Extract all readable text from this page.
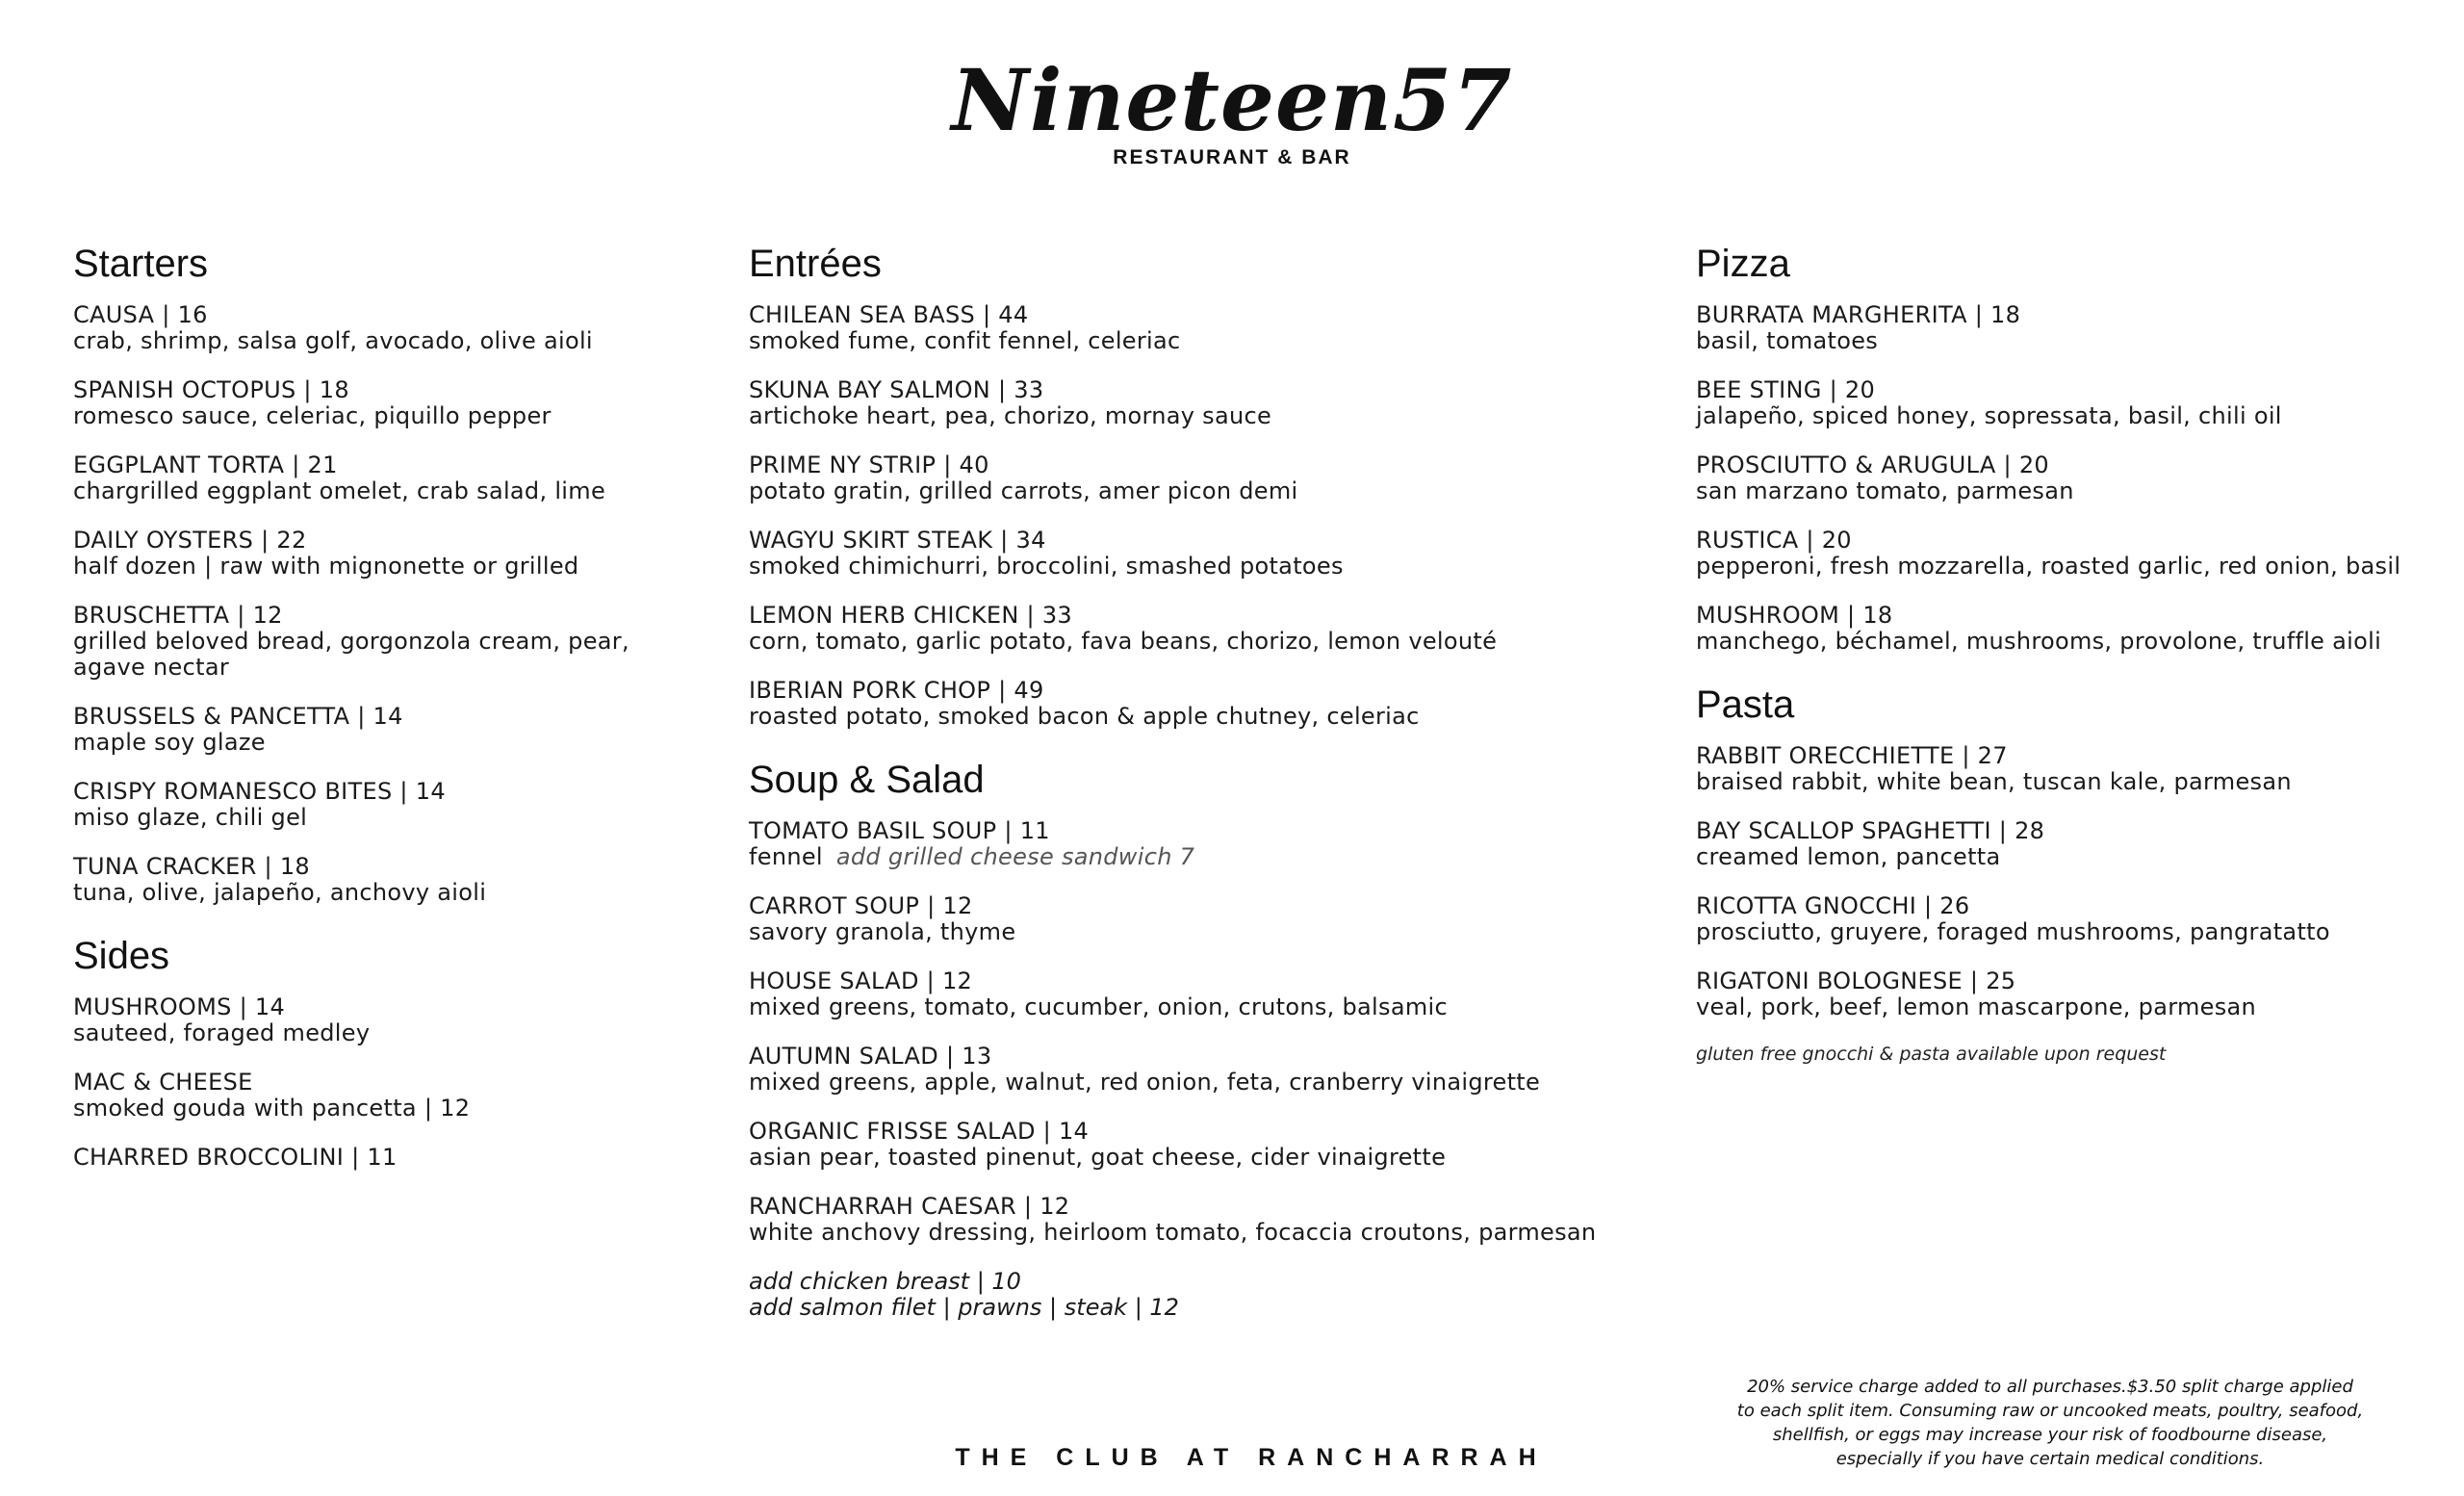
Nineteen57
RESTAURANT & BAR
Starters
CAUSA | 16
crab, shrimp, salsa golf, avocado, olive aioli
SPANISH OCTOPUS | 18
romesco sauce, celeriac, piquillo pepper
EGGPLANT TORTA | 21
chargrilled eggplant omelet, crab salad, lime
DAILY OYSTERS | 22
half dozen | raw with mignonette or grilled
BRUSCHETTA | 12
grilled beloved bread, gorgonzola cream, pear, agave nectar
BRUSSELS & PANCETTA | 14
maple soy glaze
CRISPY ROMANESCO BITES | 14
miso glaze, chili gel
TUNA CRACKER | 18
tuna, olive, jalapeño, anchovy aioli
Sides
MUSHROOMS | 14
sauteed, foraged medley
MAC & CHEESE
smoked gouda with pancetta | 12
CHARRED BROCCOLINI | 11
Entrées
CHILEAN SEA BASS | 44
smoked fume, confit fennel, celeriac
SKUNA BAY SALMON | 33
artichoke heart, pea, chorizo, mornay sauce
PRIME NY STRIP | 40
potato gratin, grilled carrots, amer picon demi
WAGYU SKIRT STEAK | 34
smoked chimichurri, broccolini, smashed potatoes
LEMON HERB CHICKEN | 33
corn, tomato, garlic potato, fava beans, chorizo, lemon velouté
IBERIAN PORK CHOP | 49
roasted potato, smoked bacon & apple chutney, celeriac
Soup & Salad
TOMATO BASIL SOUP | 11
fennel add grilled cheese sandwich 7
CARROT SOUP | 12
savory granola, thyme
HOUSE SALAD | 12
mixed greens, tomato, cucumber, onion, crutons, balsamic
AUTUMN SALAD | 13
mixed greens, apple, walnut, red onion, feta, cranberry vinaigrette
ORGANIC FRISSE SALAD | 14
asian pear, toasted pinenut, goat cheese, cider vinaigrette
RANCHARRAH CAESAR | 12
white anchovy dressing, heirloom tomato, focaccia croutons, parmesan
add chicken breast | 10
add salmon filet | prawns | steak | 12
Pizza
BURRATA MARGHERITA | 18
basil, tomatoes
BEE STING | 20
jalapeño, spiced honey, sopressata, basil, chili oil
PROSCIUTTO & ARUGULA | 20
san marzano tomato, parmesan
RUSTICA | 20
pepperoni, fresh mozzarella, roasted garlic, red onion, basil
MUSHROOM | 18
manchego, béchamel, mushrooms, provolone, truffle aioli
Pasta
RABBIT ORECCHIETTE | 27
braised rabbit, white bean, tuscan kale, parmesan
BAY SCALLOP SPAGHETTI | 28
creamed lemon, pancetta
RICOTTA GNOCCHI | 26
prosciutto, gruyere, foraged mushrooms, pangratatto
RIGATONI BOLOGNESE | 25
veal, pork, beef, lemon mascarpone, parmesan
gluten free gnocchi & pasta available upon request
20% service charge added to all purchases.$3.50 split charge applied
to each split item. Consuming raw or uncooked meats, poultry, seafood,
shellfish, or eggs may increase your risk of foodbourne disease,
especially if you have certain medical conditions.
THE CLUB AT RANCHARRAH
